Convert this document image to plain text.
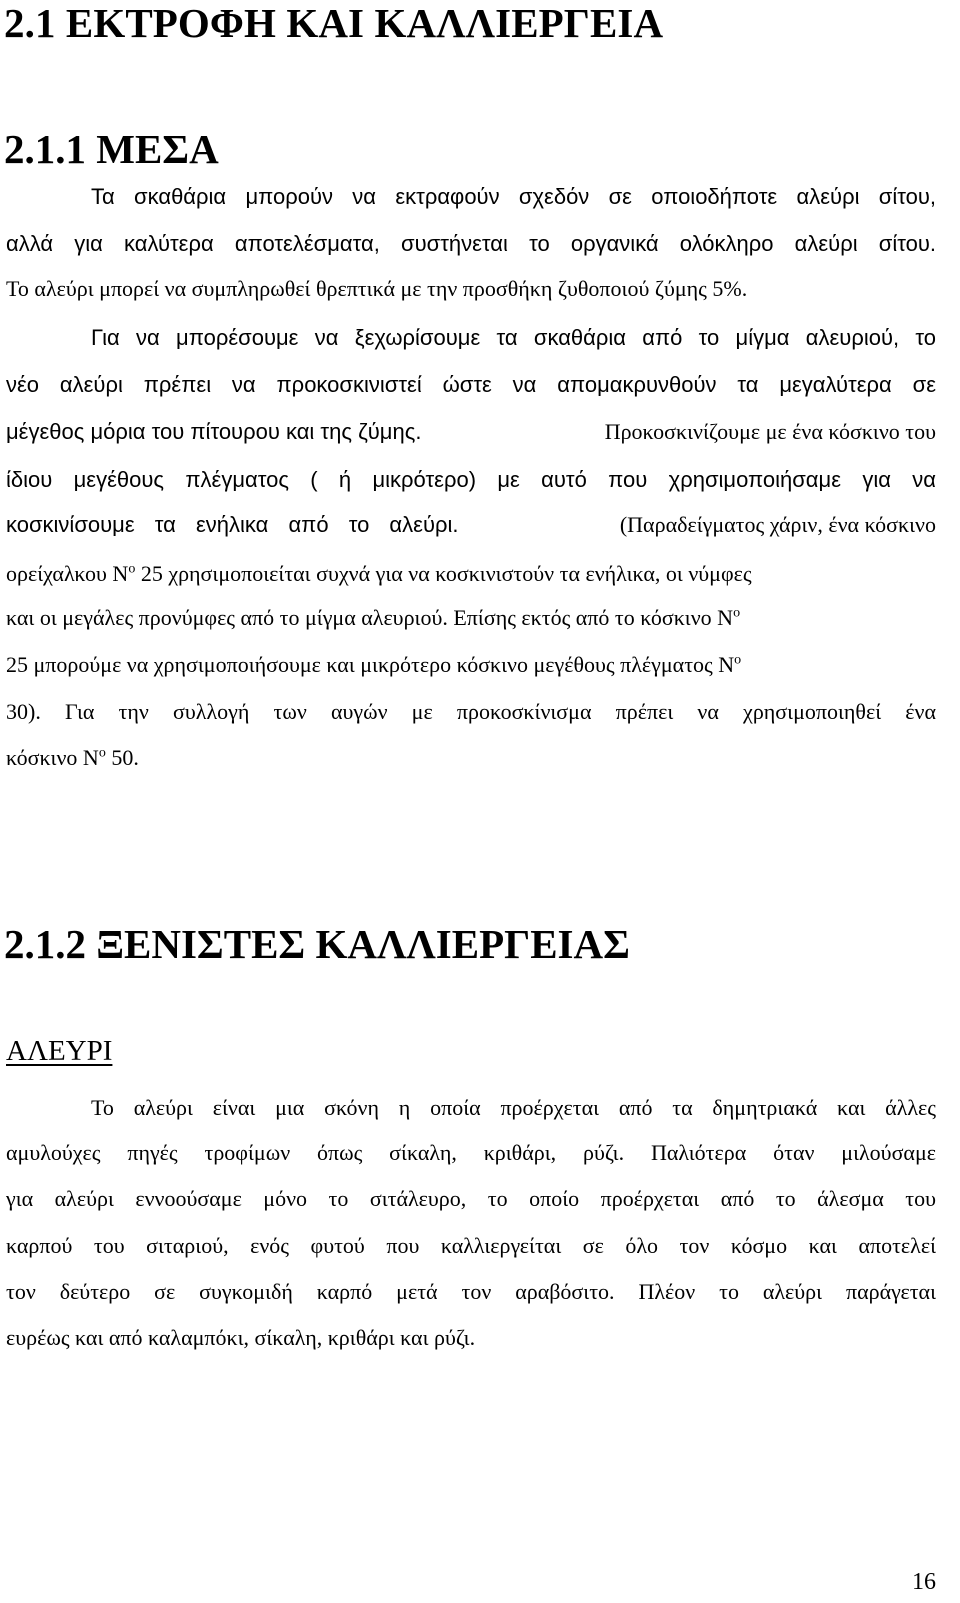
2.1 ΕΚΤΡΟΦΗ ΚΑΙ ΚΑΛΛΙΕΡΓΕΙΑ
2.1.1 ΜΕΣΑ
Τα σκαθάρια μπορούν να εκτραφούν σχεδόν σε οποιοδήποτε αλεύρι σίτου,
αλλά για καλύτερα αποτελέσματα, συστήνεται το οργανικά ολόκληρο αλεύρι σίτου.
Το αλεύρι μπορεί να συμπληρωθεί θρεπτικά με την προσθήκη ζυθοποιού ζύμης 5%.
Για να μπορέσουμε να ξεχωρίσουμε τα σκαθάρια από το μίγμα αλευριού, το
νέο αλεύρι πρέπει να προκοσκινιστεί ώστε να απομακρυνθούν τα μεγαλύτερα σε
μέγεθος μόρια του πίτουρου και της ζύμης.	Προκοσκινίζουμε με ένα κόσκινο του
ίδιου μεγέθους πλέγματος ( ή μικρότερο) με αυτό που χρησιμοποιήσαμε για να
κοσκινίσουμε τα ενήλικα από το αλεύρι.	(Παραδείγματος χάριν, ένα κόσκινο
ορείχαλκου $N^o$ 25 χρησιμοποιείται συχνά για να κοσκινιστούν τα ενήλικα, οι νύμφες
και οι μεγάλες προνύμφες από το μίγμα αλευριού. Επίσης εκτός από το κόσκινο $N^o$
25 μπορούμε να χρησιμοποιήσουμε και μικρότερο κόσκινο μεγέθους πλέγματος $N^o$
30). Για την συλλογή των αυγών με προκοσκίνισμα πρέπει να χρησιμοποιηθεί ένα
κόσκινο $N^o$ 50.
2.1.2 ΞΕΝΙΣΤΕΣ ΚΑΛΛΙΕΡΓΕΙΑΣ
ΑΛΕΥΡΙ
Το αλεύρι είναι μια σκόνη η οποία προέρχεται από τα δημητριακά και άλλες
αμυλούχες πηγές τροφίμων όπως σίκαλη, κριθάρι, ρύζι. Παλιότερα όταν μιλούσαμε
για αλεύρι εννοούσαμε μόνο το σιτάλευρο, το οποίο προέρχεται από το άλεσμα του
καρπού του σιταριού, ενός φυτού που καλλιεργείται σε όλο τον κόσμο και αποτελεί
τον δεύτερο σε συγκομιδή καρπό μετά τον αραβόσιτο. Πλέον το αλεύρι παράγεται
ευρέως και από καλαμπόκι, σίκαλη, κριθάρι και ρύζι.
16
